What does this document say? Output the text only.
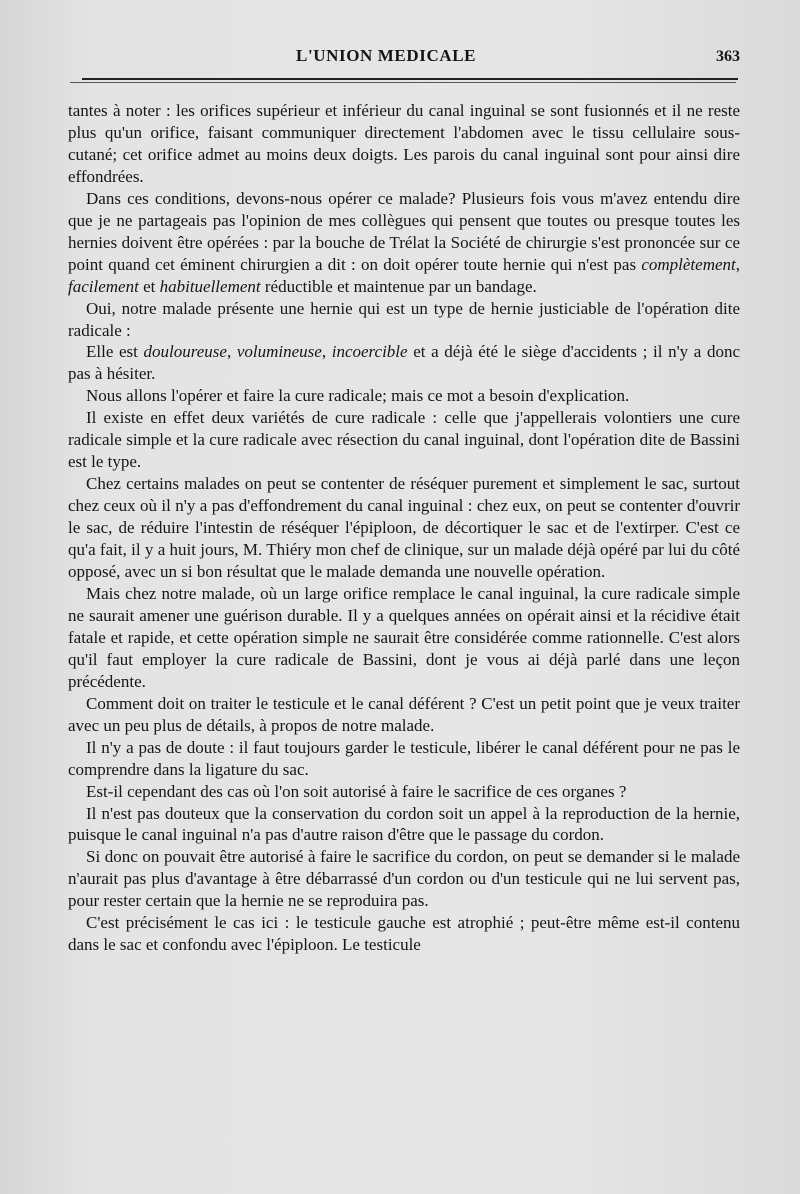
L'UNION MEDICALE	363

tantes à noter : les orifices supérieur et inférieur du canal inguinal se sont fusionnés et il ne reste plus qu'un orifice, faisant communiquer directement l'abdomen avec le tissu cellulaire sous-cutané; cet orifice admet au moins deux doigts. Les parois du canal inguinal sont pour ainsi dire effondrées.

Dans ces conditions, devons-nous opérer ce malade? Plusieurs fois vous m'avez entendu dire que je ne partageais pas l'opinion de mes collègues qui pensent que toutes ou presque toutes les hernies doivent être opérées : par la bouche de Trélat la Société de chirurgie s'est prononcée sur ce point quand cet éminent chirurgien a dit : on doit opérer toute hernie qui n'est pas complètement, facilement et habituellement réductible et maintenue par un bandage.

Oui, notre malade présente une hernie qui est un type de hernie justiciable de l'opération dite radicale :

Elle est douloureuse, volumineuse, incoercible et a déjà été le siège d'accidents ; il n'y a donc pas à hésiter.

Nous allons l'opérer et faire la cure radicale; mais ce mot a besoin d'explication.

Il existe en effet deux variétés de cure radicale : celle que j'appellerais volontiers une cure radicale simple et la cure radicale avec résection du canal inguinal, dont l'opération dite de Bassini est le type.

Chez certains malades on peut se contenter de réséquer purement et simplement le sac, surtout chez ceux où il n'y a pas d'effondrement du canal inguinal : chez eux, on peut se contenter d'ouvrir le sac, de réduire l'intestin de réséquer l'épiploon, de décortiquer le sac et de l'extirper. C'est ce qu'a fait, il y a huit jours, M. Thiéry mon chef de clinique, sur un malade déjà opéré par lui du côté opposé, avec un si bon résultat que le malade demanda une nouvelle opération.

Mais chez notre malade, où un large orifice remplace le canal inguinal, la cure radicale simple ne saurait amener une guérison durable. Il y a quelques années on opérait ainsi et la récidive était fatale et rapide, et cette opération simple ne saurait être considérée comme rationnelle. C'est alors qu'il faut employer la cure radicale de Bassini, dont je vous ai déjà parlé dans une leçon précédente.

Comment doit on traiter le testicule et le canal déférent ? C'est un petit point que je veux traiter avec un peu plus de détails, à propos de notre malade.

Il n'y a pas de doute : il faut toujours garder le testicule, libérer le canal déférent pour ne pas le comprendre dans la ligature du sac.

Est-il cependant des cas où l'on soit autorisé à faire le sacrifice de ces organes ?

Il n'est pas douteux que la conservation du cordon soit un appel à la reproduction de la hernie, puisque le canal inguinal n'a pas d'autre raison d'être que le passage du cordon.

Si donc on pouvait être autorisé à faire le sacrifice du cordon, on peut se demander si le malade n'aurait pas plus d'avantage à être débarrassé d'un cordon ou d'un testicule qui ne lui servent pas, pour rester certain que la hernie ne se reproduira pas.

C'est précisément le cas ici : le testicule gauche est atrophié ; peut-être même est-il contenu dans le sac et confondu avec l'épiploon. Le testicule
